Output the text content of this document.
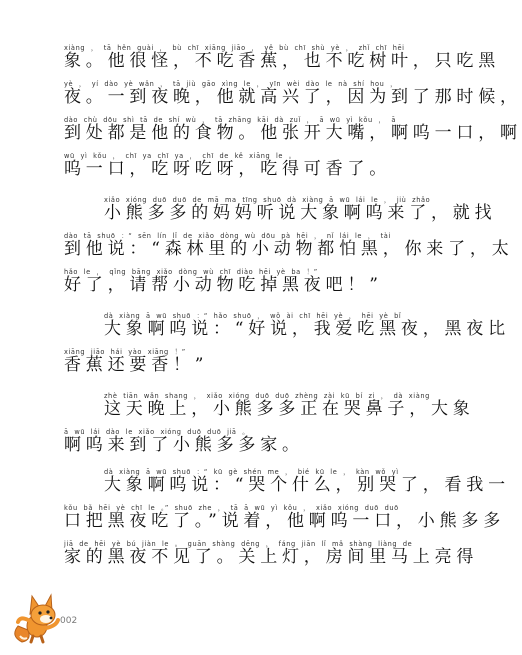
xiàng ， tā hěn guài ， bù chī xiāng jiāo ， yě bù chī shù yè ， zhǐ chī hēi
象。他很怪，不吃香蕉，也不吃树叶，只吃黑
yè ， yí dào yè wǎn ， tā jiù gāo xìng le ， yīn wèi dào le nà shí hou ，
夜。一到夜晚，他就高兴了，因为到了那时候，
dào chù dōu shì tā de shí wù ， tā zhāng kāi dà zuǐ ， ā wū yì kǒu ， ā
到处都是他的食物。他张开大嘴，啊呜一口，啊
wū yì kǒu ， chī ya chī ya ， chī de kě xiāng le 。
呜一口，吃呀吃呀，吃得可香了。
xiǎo xióng duō duō de mā ma tīng shuō dà xiàng ā wū lái le ， jiù zhǎo
小熊多多的妈妈听说大象啊呜来了，就找
dào tā shuō ：“ sēn lín lǐ de xiǎo dòng wù dōu pà hēi ， nǐ lái le ， tài
到他说：“森林里的小动物都怕黑，你来了，太
hǎo le ， qǐng bāng xiǎo dòng wù chī diào hēi yè ba ！”
好了，请帮小动物吃掉黑夜吧！”
dà xiàng ā wū shuō ：“ hǎo shuō ， wǒ ài chī hēi yè ， hēi yè bǐ
大象啊呜说：“好说，我爱吃黑夜，黑夜比
xiāng jiāo hái yào xiāng ！”
香蕉还要香！”
zhè tiān wǎn shang ， xiǎo xióng duō duō zhèng zài kū bí zi ， dà xiàng
这天晚上，小熊多多正在哭鼻子，大象
ā wū lái dào le xiǎo xióng duō duō jiā 。
啊呜来到了小熊多多家。
dà xiàng ā wū shuō ：“ kū gè shén me ， bié kū le ， kàn wǒ yì
大象啊呜说：“哭个什么，别哭了，看我一
kǒu bǎ hēi yè chī le 。” shuō zhe ， tā ā wū yì kǒu ， xiǎo xióng duō duō
口把黑夜吃了。”说着，他啊呜一口，小熊多多
jiā de hēi yè bú jiàn le 。 guān shàng dēng ， fáng jiān lǐ mǎ shàng liàng de
家的黑夜不见了。关上灯，房间里马上亮得
002
